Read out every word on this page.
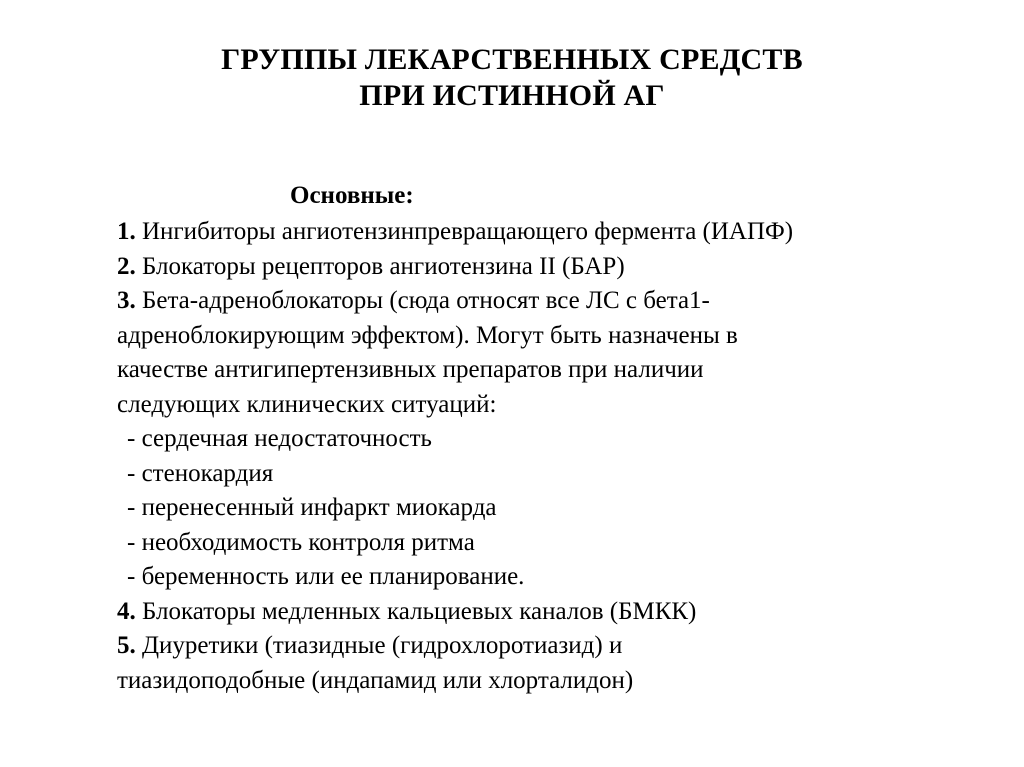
ГРУППЫ ЛЕКАРСТВЕННЫХ СРЕДСТВ
ПРИ ИСТИННОЙ АГ
Основные:
1. Ингибиторы ангиотензинпревращающего фермента (ИАПФ)
2. Блокаторы рецепторов ангиотензина II (БАР)
3. Бета-адреноблокаторы (сюда относят все ЛС с бета1-
адреноблокирующим эффектом). Могут быть назначены в
качестве антигипертензивных препаратов при наличии
следующих клинических ситуаций:
- сердечная недостаточность
- стенокардия
- перенесенный инфаркт миокарда
- необходимость контроля ритма
- беременность или ее планирование.
4. Блокаторы медленных кальциевых каналов (БМКК)
5. Диуретики (тиазидные (гидрохлоротиазид) и
тиазидоподобные (индапамид или хлорталидон)
